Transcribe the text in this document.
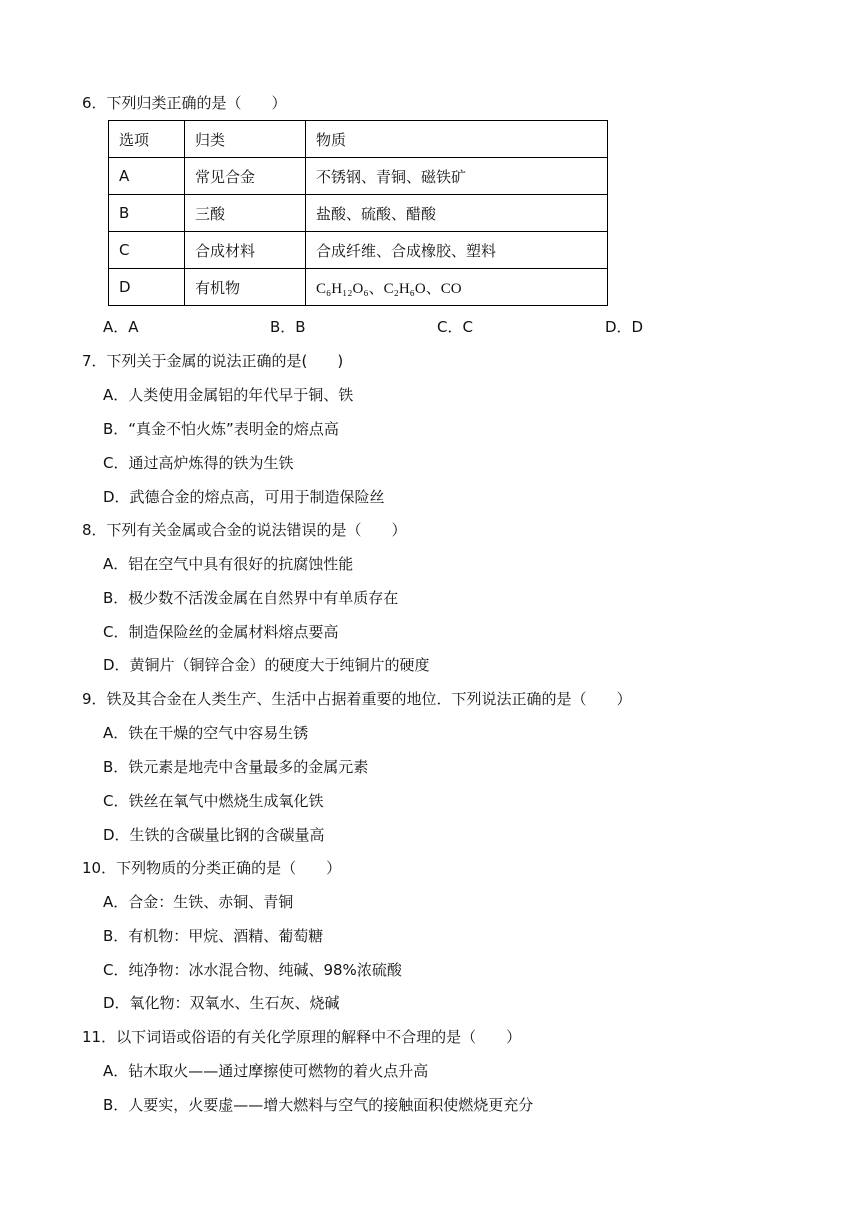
6．下列归类正确的是（　　）
选项	归类	物质
A	常见合金	不锈钢、青铜、磁铁矿
B	三酸	盐酸、硫酸、醋酸
C	合成材料	合成纤维、合成橡胶、塑料
D	有机物	C₆H₁₂O₆、C₂H₆O、CO
A．A	B．B	C．C	D．D
7．下列关于金属的说法正确的是(　　)
A．人类使用金属铝的年代早于铜、铁
B．“真金不怕火炼”表明金的熔点高
C．通过高炉炼得的铁为生铁
D．武德合金的熔点高，可用于制造保险丝
8．下列有关金属或合金的说法错误的是（　　）
A．铝在空气中具有很好的抗腐蚀性能
B．极少数不活泼金属在自然界中有单质存在
C．制造保险丝的金属材料熔点要高
D．黄铜片（铜锌合金）的硬度大于纯铜片的硬度
9．铁及其合金在人类生产、生活中占据着重要的地位．下列说法正确的是（　　）
A．铁在干燥的空气中容易生锈
B．铁元素是地壳中含量最多的金属元素
C．铁丝在氧气中燃烧生成氧化铁
D．生铁的含碳量比钢的含碳量高
10．下列物质的分类正确的是（　　）
A．合金：生铁、赤铜、青铜
B．有机物：甲烷、酒精、葡萄糖
C．纯净物：冰水混合物、纯碱、98%浓硫酸
D．氧化物：双氧水、生石灰、烧碱
11．以下词语或俗语的有关化学原理的解释中不合理的是（　　）
A．钻木取火——通过摩擦使可燃物的着火点升高
B．人要实，火要虚——增大燃料与空气的接触面积使燃烧更充分
